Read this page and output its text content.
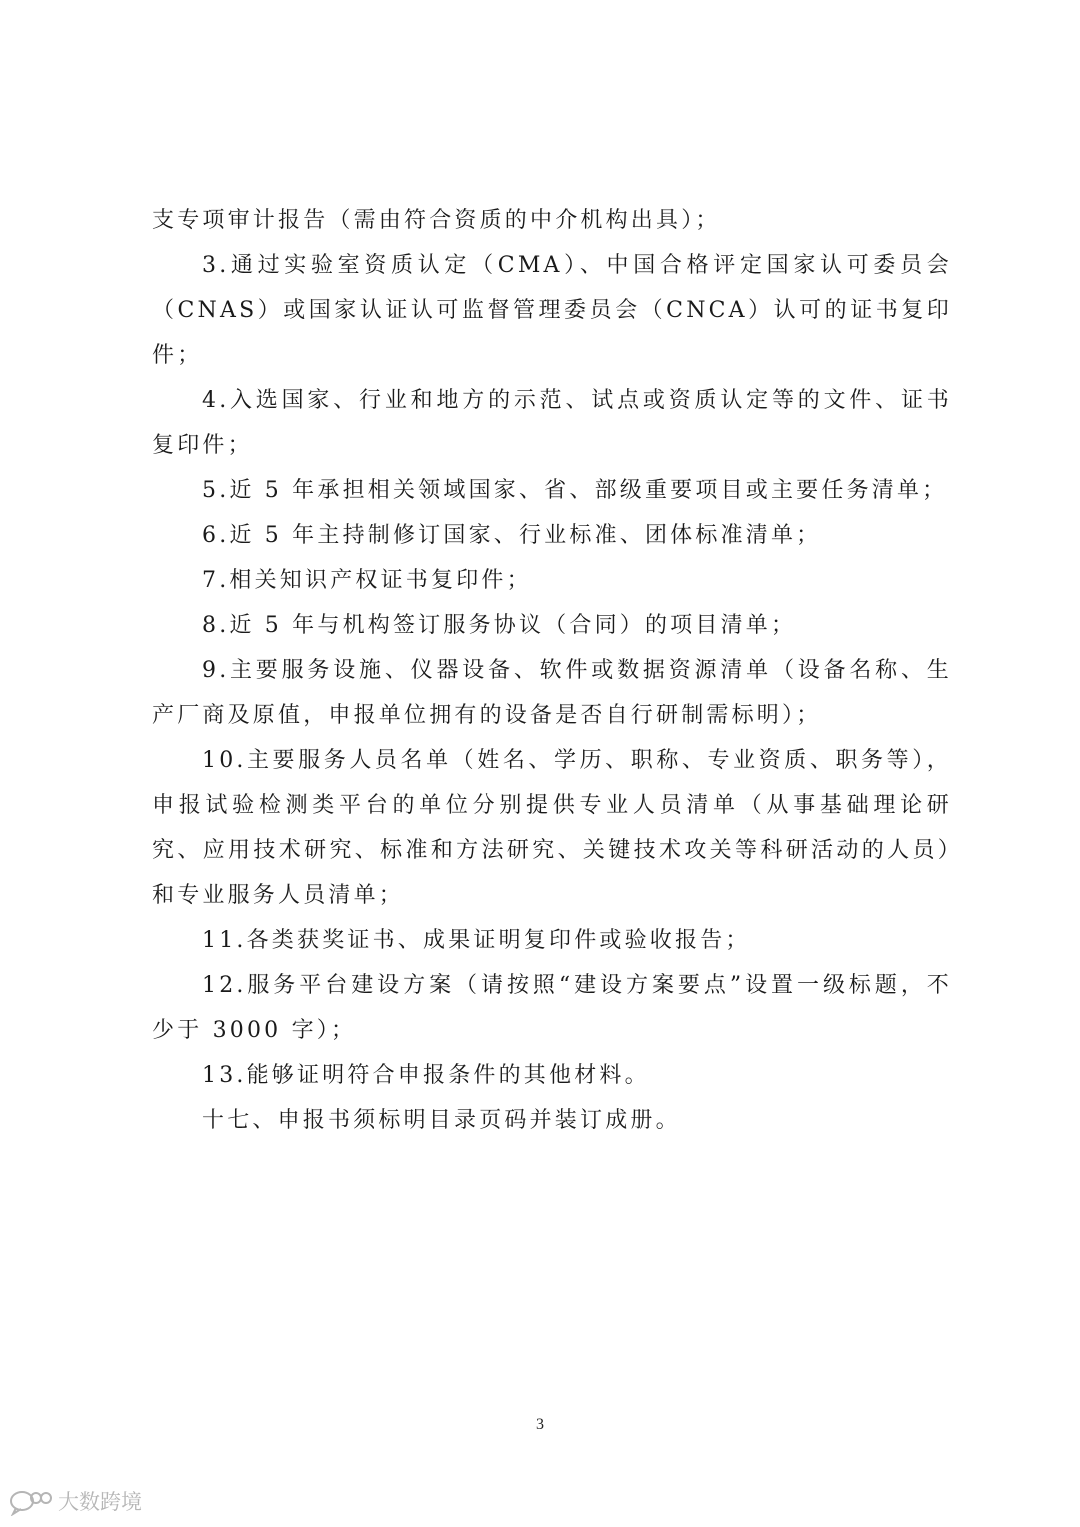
支专项审计报告（需由符合资质的中介机构出具）；

3.通过实验室资质认定（CMA）、中国合格评定国家认可委员会（CNAS）或国家认证认可监督管理委员会（CNCA）认可的证书复印件；

4.入选国家、行业和地方的示范、试点或资质认定等的文件、证书复印件；

5.近 5 年承担相关领域国家、省、部级重要项目或主要任务清单；

6.近 5 年主持制修订国家、行业标准、团体标准清单；

7.相关知识产权证书复印件；

8.近 5 年与机构签订服务协议（合同）的项目清单；

9.主要服务设施、仪器设备、软件或数据资源清单（设备名称、生产厂商及原值，申报单位拥有的设备是否自行研制需标明）；

10.主要服务人员名单（姓名、学历、职称、专业资质、职务等），申报试验检测类平台的单位分别提供专业人员清单（从事基础理论研究、应用技术研究、标准和方法研究、关键技术攻关等科研活动的人员）和专业服务人员清单；

11.各类获奖证书、成果证明复印件或验收报告；

12.服务平台建设方案（请按照“建设方案要点”设置一级标题，不少于 3000 字）；

13.能够证明符合申报条件的其他材料。

十七、申报书须标明目录页码并装订成册。

3
大数跨境
